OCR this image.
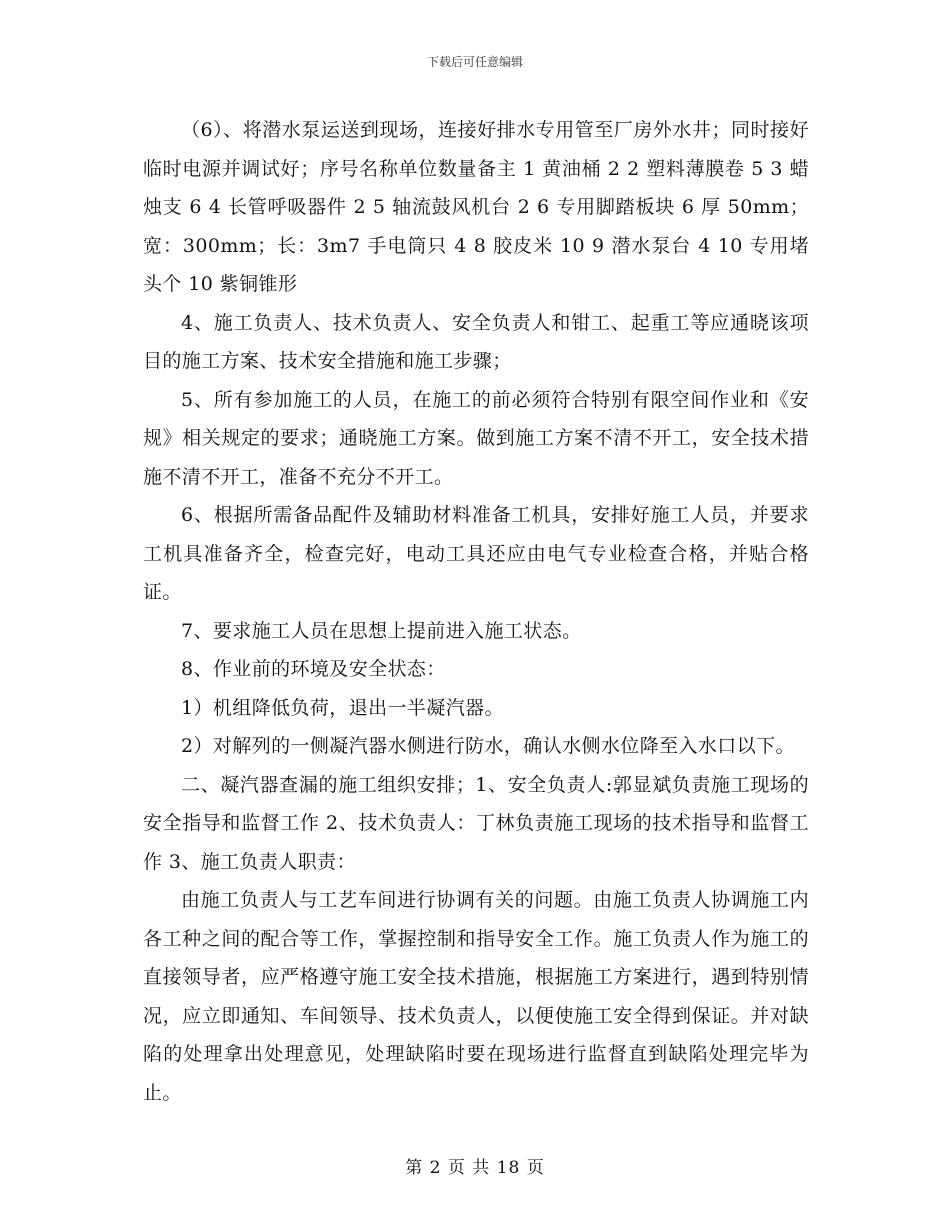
下载后可任意编辑

（6）、将潜水泵运送到现场，连接好排水专用管至厂房外水井；同时接好临时电源并调试好；序号名称单位数量备主 1 黄油桶 2 2 塑料薄膜卷 5 3 蜡烛支 6 4 长管呼吸器件 2 5 轴流鼓风机台 2 6 专用脚踏板块 6 厚 50mm；宽：300mm；长：3m7 手电筒只 4 8 胶皮米 10 9 潜水泵台 4 10 专用堵头个 10 紫铜锥形

4、施工负责人、技术负责人、安全负责人和钳工、起重工等应通晓该项目的施工方案、技术安全措施和施工步骤；

5、所有参加施工的人员，在施工的前必须符合特别有限空间作业和《安规》相关规定的要求；通晓施工方案。做到施工方案不清不开工，安全技术措施不清不开工，准备不充分不开工。

6、根据所需备品配件及辅助材料准备工机具，安排好施工人员，并要求工机具准备齐全，检查完好，电动工具还应由电气专业检查合格，并贴合格证。

7、要求施工人员在思想上提前进入施工状态。

8、作业前的环境及安全状态：

1）机组降低负荷，退出一半凝汽器。

2）对解列的一侧凝汽器水侧进行防水，确认水侧水位降至入水口以下。

二、凝汽器查漏的施工组织安排；1、安全负责人:郭显斌负责施工现场的安全指导和监督工作 2、技术负责人：丁林负责施工现场的技术指导和监督工作 3、施工负责人职责：

由施工负责人与工艺车间进行协调有关的问题。由施工负责人协调施工内各工种之间的配合等工作，掌握控制和指导安全工作。施工负责人作为施工的直接领导者，应严格遵守施工安全技术措施，根据施工方案进行，遇到特别情况，应立即通知、车间领导、技术负责人，以便使施工安全得到保证。并对缺陷的处理拿出处理意见，处理缺陷时要在现场进行监督直到缺陷处理完毕为止。

第 2 页 共 18 页
